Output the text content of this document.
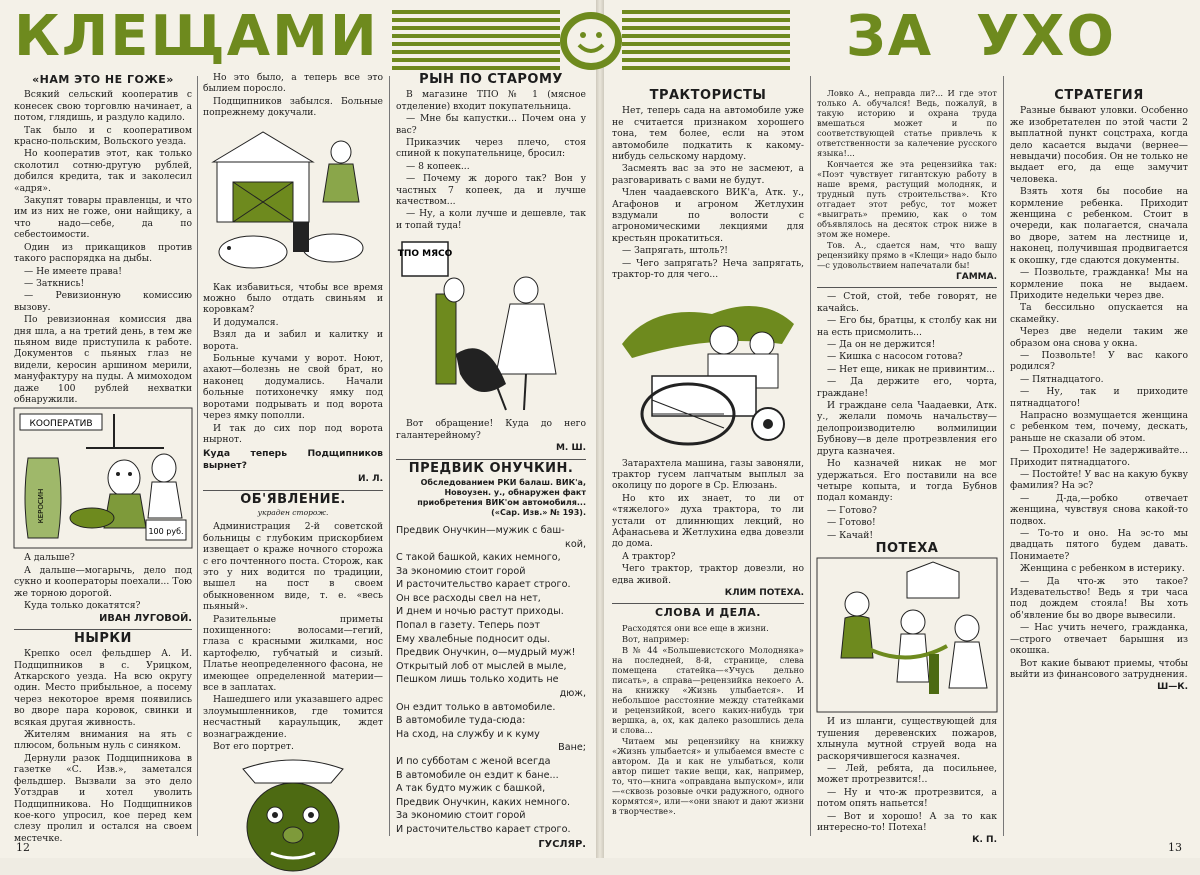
КЛЕЩАМИ	ЗА УХО
«НАМ ЭТО НЕ ГОЖЕ»

Всякий сельский кооператив с конесек свою торговлю начинает, а потом, глядишь, и раздуло кадило.

Так было и с кооперативом красно-польским, Вольского уезда.

Но кооператив этот, как только сколотил сотню-другую рублей, добился кредита, так и заколесил «адря».

Закупят товары правленцы, и что им из них не гоже, они найщику, а что надо—себе, да по себестоимости.

Один из прикащиков против такого распорядка на дыбы.

— Не имеете права!

— Заткнись!

— Ревизионную комиссию вызову.

По ревизионная комиссия два дня шла, а на третий день, в тем же пьяном виде приступила к работе. Документов с пьяных глаз не видели, керосин аршином мерили, мануфактуру на пуды. А мимоходом даже 100 рублей нехватки обнаружили.

КООПЕРАТИВ
КЕРОСИН
100 руб.

А дальше?

А дальше—могарычь, дело под сукно и кооператоры поехали... Тою же торною дорогой.

Куда только докатятся?

ИВАН ЛУГОВОЙ.
НЫРКИ

Крепко осел фельдшер А. И. Подщипников в с. Урицком, Аткарского уезда. На всю округу один. Место прибыльное, а посему через некоторое время появились во дворе пара коровок, свинки и всякая другая живность.

Жителям внимания на ять с плюсом, больным нуль с синяком.

Дернули разок Подщипникова в газетке «С. Изв.», заметался фельдшер. Вызвали за это дело Уотздрав и хотел уволить Подщипникова. Но Подщипников кое-кого упросил, кое перед кем слезу пролил и остался на своем местечке.

Но это было, а теперь все это былием поросло.

Подщипников забылся. Больные попрежнему докучали.

Как избавиться, чтобы все время можно было отдать свиньям и коровкам?

И додумался.

Взял да и забил и калитку и ворота.

Больные кучами у ворот. Ноют, ахают—болезнь не свой брат, но наконец додумались. Начали больные потихонечку ямку под воротами подрывать и под ворота через ямку пополли.

И так до сих пор под ворота нырнот.

Куда теперь Подщипников вырнет?

И. Л.
ОБ'ЯВЛЕНИЕ.
украден сторож.

Администрация 2-й советской больницы с глубоким прискорбием извещает о краже ночного сторожа с его почтенного поста. Сторож, как это у них водится по традиции, вышел на пост в своем обыкновенном виде, т. е. «весь пьяный».

Разительные приметы похищенного: волосами—гегий, глаза с красными жилками, нос картофелю, губчатый и сизый. Платье неопределенного фасона, не имеющее определенной материи—все в заплатах.

Нашедшего или указавшего адрес злоумышленников, где томится несчастный караульщик, ждет вознаграждение.

Вот его портрет.

РЫН ПО СТАРОМУ

В магазине ТПО № 1 (мясное отделение) входит покупательница.

— Мне бы капустки... Почем она у вас?

Приказчик через плечо, стоя спиной к покупательнице, бросил:

— 8 копеек...

— Почему ж дорого так? Вон у частных 7 копеек, да и лучше качеством...

— Ну, а коли лучше и дешевле, так и топай туда!

ТПО МЯСО

Вот обращение! Куда до него галантерейному?

М. Ш.
ПРЕДВИК ОНУЧКИН.

Обследованием РКИ балаш. ВИК'а, Новоузен. у., обнаружен факт приобретения ВИК'ом автомобиля... («Сар. Изв.» № 193).

Предвик Онучкин—мужик с баш-

кой,

С такой башкой, каких немного,

За экономию стоит горой

И расточительство карает строго.

Он все расходы свел на нет,

И днем и ночью растут приходы.

Попал в газету. Теперь поэт

Ему хвалебные подносит оды.

Предвик Онучкин, о—мудрый муж!

Открытый лоб от мыслей в мыле,

Пешком лишь только ходить не

дюж,

Он ездит только в автомобиле.

В автомобиле туда-сюда:

На сход, на службу и к куму

Ване;

И по субботам с женой всегда

В автомобиле он ездит к бане...

А так будто мужик с башкой,

Предвик Онучкин, каких немного.

За экономию стоит горой

И расточительство карает строго.

ГУСЛЯР.
12
ТРАКТОРИСТЫ

Нет, теперь сада на автомобиле уже не считается признаком хорошего тона, тем более, если на этом автомобиле подкатить к какому-нибудь сельскому нардому.

Засмеять вас за это не засмеют, а разговаривать с вами не будут.

Член чаадаевского ВИК'а, Атк. у., Агафонов и агроном Жетлухин вздумали по волости с агрономическими лекциями для крестьян прокатиться.

— Запрягать, штоль?!

— Чего запрягать? Неча запрягать, трактор-то для чего...

Затарахтела машина, газы завоняли, трактор гусем лапчатым выплыл за околицу по дороге в Ср. Елюзань.

Но кто их знает, то ли от «тяжелого» духа трактора, то ли устали от длиннющих лекций, но Афанасьева и Жетлухина едва довезли до дома.

А трактор?

Чего трактор, трактор довезли, но едва живой.

КЛИМ ПОТЕХА.
СЛОВА И ДЕЛА.

Расходятся они все еще в жизни.

Вот, например:

В № 44 «Большевистского Молодняка» на последней, 8-й, странице, слева помещена статейка—«Учусь дельно писать», а справа—рецензийка некоего А. на книжку «Жизнь улыбается». И небольшое расстояние между статейками и рецензийкой, всего каких-нибудь три вершка, а, ох, как далеко разошлись дела и слова...

Читаем мы рецензийку на книжку «Жизнь улыбается» и улыбаемся вместе с автором. Да и как не улыбаться, коли автор пишет такие вещи, как, например, то, что—книга «оправдана выпуском», или—«сквозь розовые очки радужного, одного кормятся», или—«они знают и дают жизни в творчестве».

Ловко А., неправда ли?... И где этот только А. обучался! Ведь, пожалуй, в такую историю и охрана труда вмешаться может и по соответствующей статье привлечь к ответственности за калечение русского языка!...

Кончается же эта рецензийка так: «Поэт чувствует гигантскую работу в наше время, растущий молодняк, и трудный путь строительства». Кто отгадает этот ребус, тот может «выиграть» премию, как о том объявлялось на десяток строк ниже в этом же номере.

Тов. А., сдается нам, что вашу рецензийку прямо в «Клещи» надо было—с удовольствием напечатали бы!

ГАММА.

— Стой, стой, тебе говорят, не качайсь.

— Его бы, братцы, к столбу как ни на есть присмолить...

— Да он не держится!

— Кишка с насосом готова?

— Нет еще, никак не привинтим...

— Да держите его, чорта, граждане!

И граждане села Чаадаевки, Атк. у., желали помочь начальству—делопроизводителю волмилиции Бубнову—в деле протрезвления его друга казначея.

Но казначей никак не мог удержаться. Его поставили на все четыре копыта, и тогда Бубнов подал команду:

— Готово?

— Готово!

— Качай!

ПОТЕХА

И из шланги, существующей для тушения деревенских пожаров, хлынула мутной струей вода на раскорячившегося казначея.

— Лей, ребята, да посильнее, может протрезвится!..

— Ну и что-ж протрезвится, а потом опять напьется!

— Вот и хорошо! А за то как интересно-то! Потеха!

К. П.
СТРАТЕГИЯ

Разные бывают уловки. Особенно же изобретателен по этой части 2 выплатной пункт соцстраха, когда дело касается выдачи (вернее—невыдачи) пособия. Он не только не выдает его, да еще замучит человека.

Взять хотя бы пособие на кормление ребенка. Приходит женщина с ребенком. Стоит в очереди, как полагается, сначала во дворе, затем на лестнице и, наконец, получившая продвигается к окошку, где сдаются документы.

— Позвольте, гражданка! Мы на кормление пока не выдаем. Приходите недельки через две.

Та бессильно опускается на скамейку.

Через две недели таким же образом она снова у окна.

— Позвольте! У вас какого родился?

— Пятнадцатого.

— Ну, так и приходите пятнадцатого!

Напрасно возмущается женщина с ребенком тем, почему, дескать, раньше не сказали об этом.

— Проходите! Не задерживайте... Приходит пятнадцатого.

— Постойте! У вас на какую букву фамилия? На эс?

— Д-да,—робко отвечает женщина, чувствуя снова какой-то подвох.

— То-то и оно. На эс-то мы двадцать пятого будем давать. Понимаете?

Женщина с ребенком в истерику.

— Да что-ж это такое? Издевательство! Ведь я три часа под дождем стояла! Вы хоть об'явление бы во дворе вывесили.

— Нас учить нечего, гражданка,—строго отвечает барышня из окошка.

Вот какие бывают приемы, чтобы выйти из финансового затруднения.

Ш—К.
13
